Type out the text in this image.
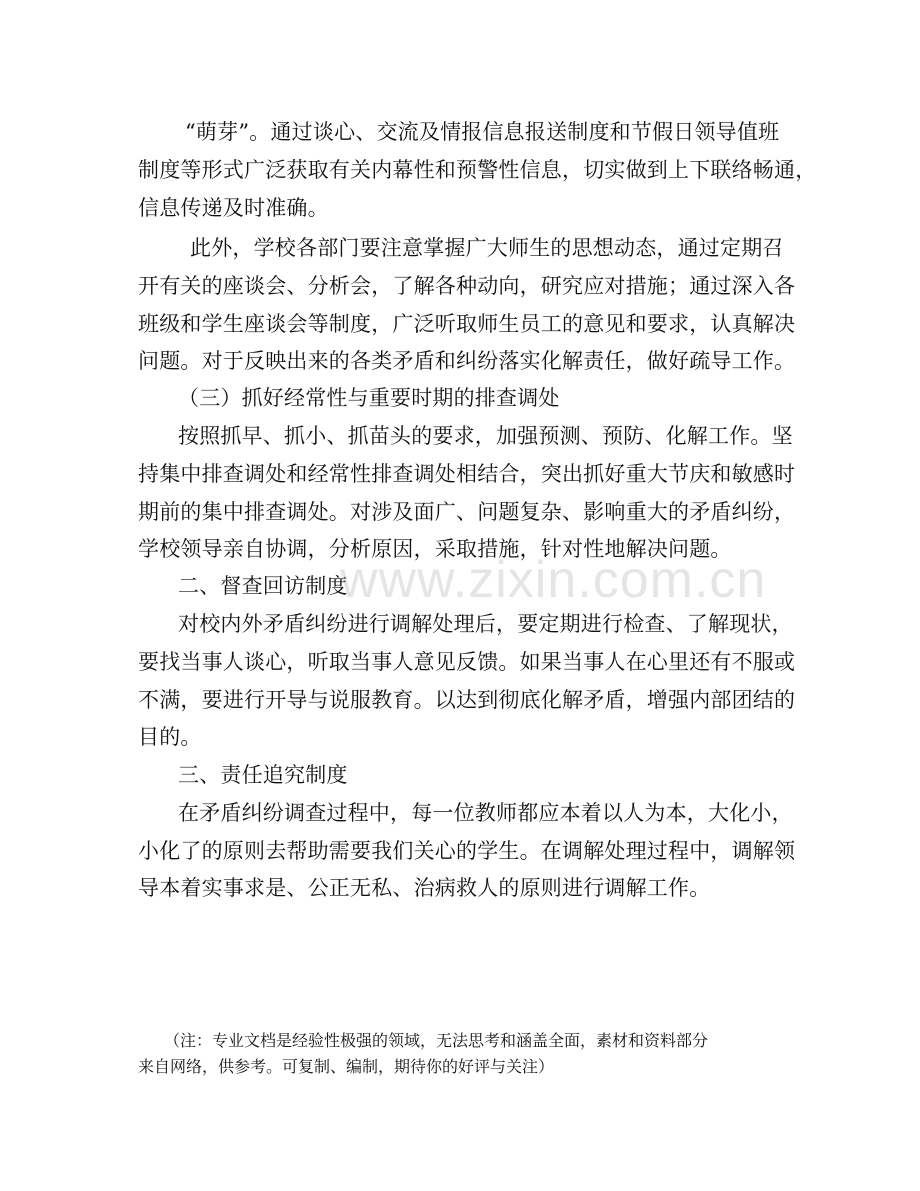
“萌芽”。通过谈心、交流及情报信息报送制度和节假日领导值班
制度等形式广泛获取有关内幕性和预警性信息，切实做到上下联络畅通，
信息传递及时准确。
此外，学校各部门要注意掌握广大师生的思想动态，通过定期召
开有关的座谈会、分析会，了解各种动向，研究应对措施；通过深入各
班级和学生座谈会等制度，广泛听取师生员工的意见和要求，认真解决
问题。对于反映出来的各类矛盾和纠纷落实化解责任，做好疏导工作。
（三）抓好经常性与重要时期的排查调处
按照抓早、抓小、抓苗头的要求，加强预测、预防、化解工作。坚
持集中排查调处和经常性排查调处相结合，突出抓好重大节庆和敏感时
期前的集中排查调处。对涉及面广、问题复杂、影响重大的矛盾纠纷，
学校领导亲自协调，分析原因，采取措施，针对性地解决问题。
二、督查回访制度
对校内外矛盾纠纷进行调解处理后，要定期进行检查、了解现状，
要找当事人谈心，听取当事人意见反馈。如果当事人在心里还有不服或
不满，要进行开导与说服教育。以达到彻底化解矛盾，增强内部团结的
目的。
三、责任追究制度
在矛盾纠纷调查过程中，每一位教师都应本着以人为本，大化小，
小化了的原则去帮助需要我们关心的学生。在调解处理过程中，调解领
导本着实事求是、公正无私、治病救人的原则进行调解工作。
（注：专业文档是经验性极强的领域，无法思考和涵盖全面，素材和资料部分
来自网络，供参考。可复制、编制，期待你的好评与关注）
www.zixin.com.cn
